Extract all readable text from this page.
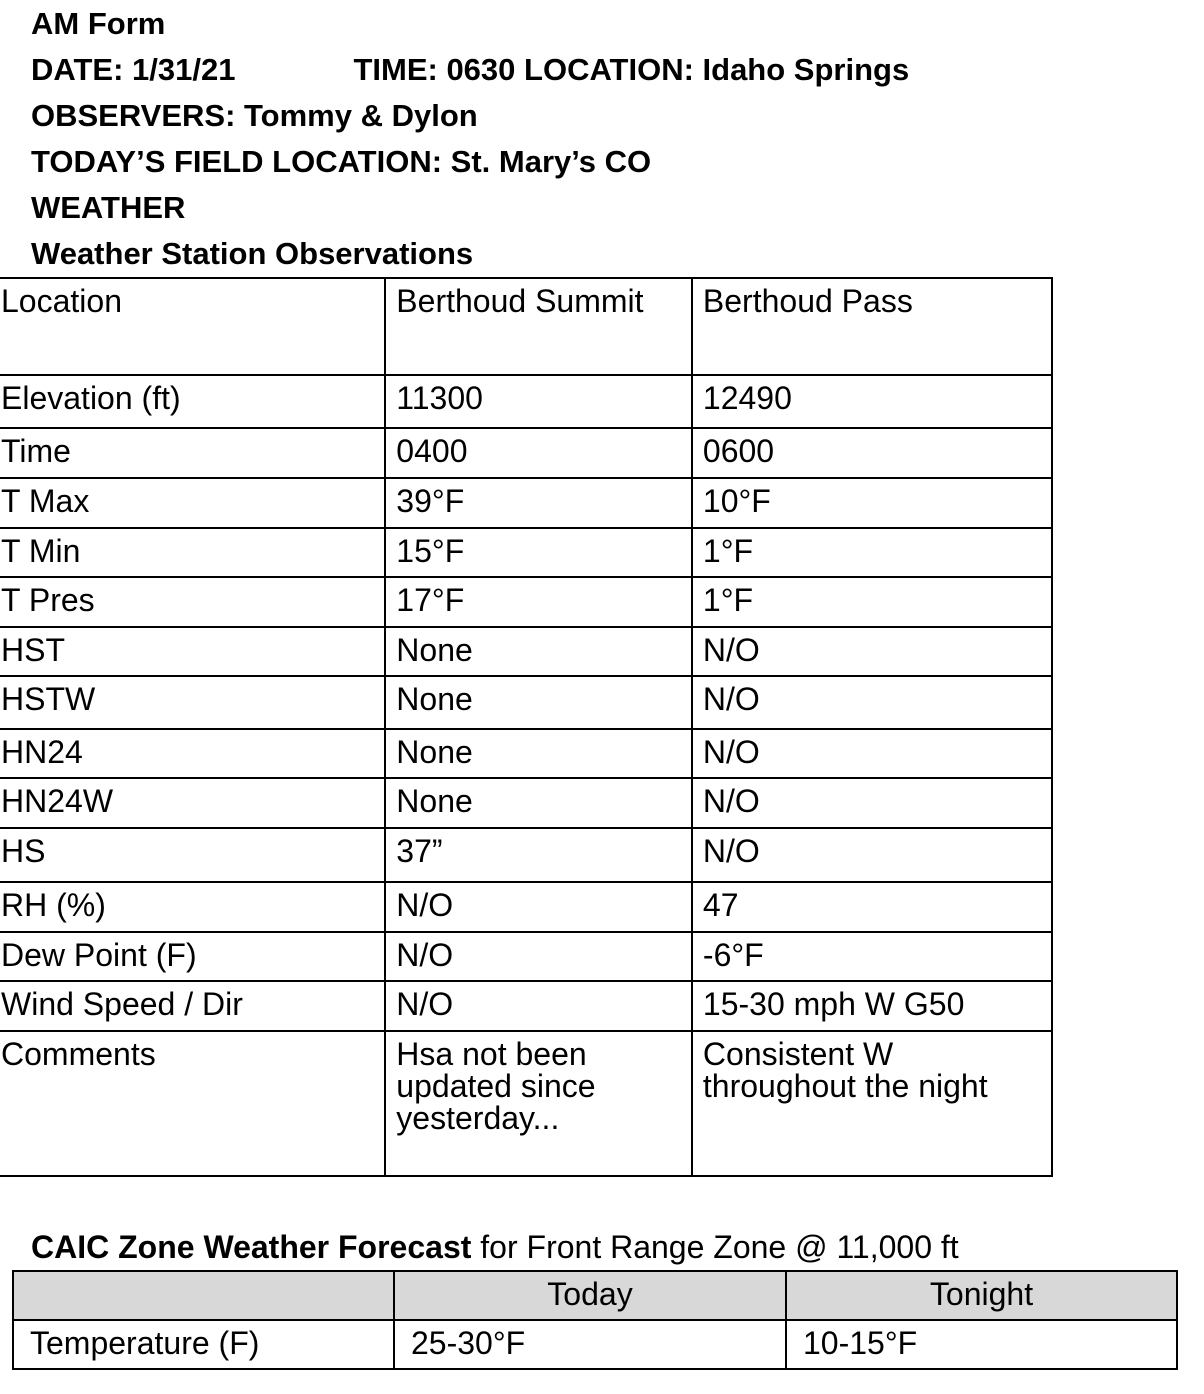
AM Form
DATE: 1/31/21	TIME: 0630 LOCATION: Idaho Springs
OBSERVERS: Tommy & Dylon
TODAY’S FIELD LOCATION: St. Mary’s CO
WEATHER
Weather Station Observations
Location	Berthoud Summit	Berthoud Pass
Elevation (ft)	11300	12490
Time	0400	0600
T Max	39°F	10°F
T Min	15°F	1°F
T Pres	17°F	1°F
HST	None	N/O
HSTW	None	N/O
HN24	None	N/O
HN24W	None	N/O
HS	37”	N/O
RH (%)	N/O	47
Dew Point (F)	N/O	-6°F
Wind Speed / Dir	N/O	15-30 mph W G50
Comments	Hsa not been updated since yesterday...	Consistent W throughout the night
CAIC Zone Weather Forecast for Front Range Zone @ 11,000 ft
	Today	Tonight
Temperature (F)	25-30°F	10-15°F
